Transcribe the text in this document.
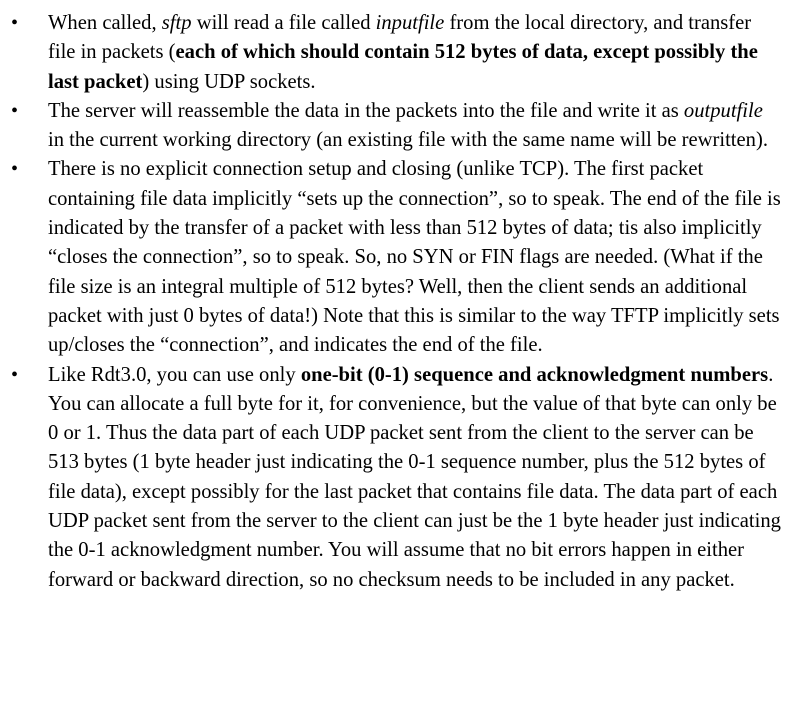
• When called, sftp will read a file called inputfile from the local directory, and transfer file in packets (each of which should contain 512 bytes of data, except possibly the last packet) using UDP sockets.
• The server will reassemble the data in the packets into the file and write it as outputfile in the current working directory (an existing file with the same name will be rewritten).
• There is no explicit connection setup and closing (unlike TCP). The first packet containing file data implicitly “sets up the connection”, so to speak. The end of the file is indicated by the transfer of a packet with less than 512 bytes of data; tis also implicitly “closes the connection”, so to speak. So, no SYN or FIN flags are needed. (What if the file size is an integral multiple of 512 bytes? Well, then the client sends an additional packet with just 0 bytes of data!) Note that this is similar to the way TFTP implicitly sets up/closes the “connection”, and indicates the end of the file.
• Like Rdt3.0, you can use only one-bit (0-1) sequence and acknowledgment numbers. You can allocate a full byte for it, for convenience, but the value of that byte can only be 0 or 1. Thus the data part of each UDP packet sent from the client to the server can be 513 bytes (1 byte header just indicating the 0-1 sequence number, plus the 512 bytes of file data), except possibly for the last packet that contains file data. The data part of each UDP packet sent from the server to the client can just be the 1 byte header just indicating the 0-1 acknowledgment number. You will assume that no bit errors happen in either forward or backward direction, so no checksum needs to be included in any packet.
